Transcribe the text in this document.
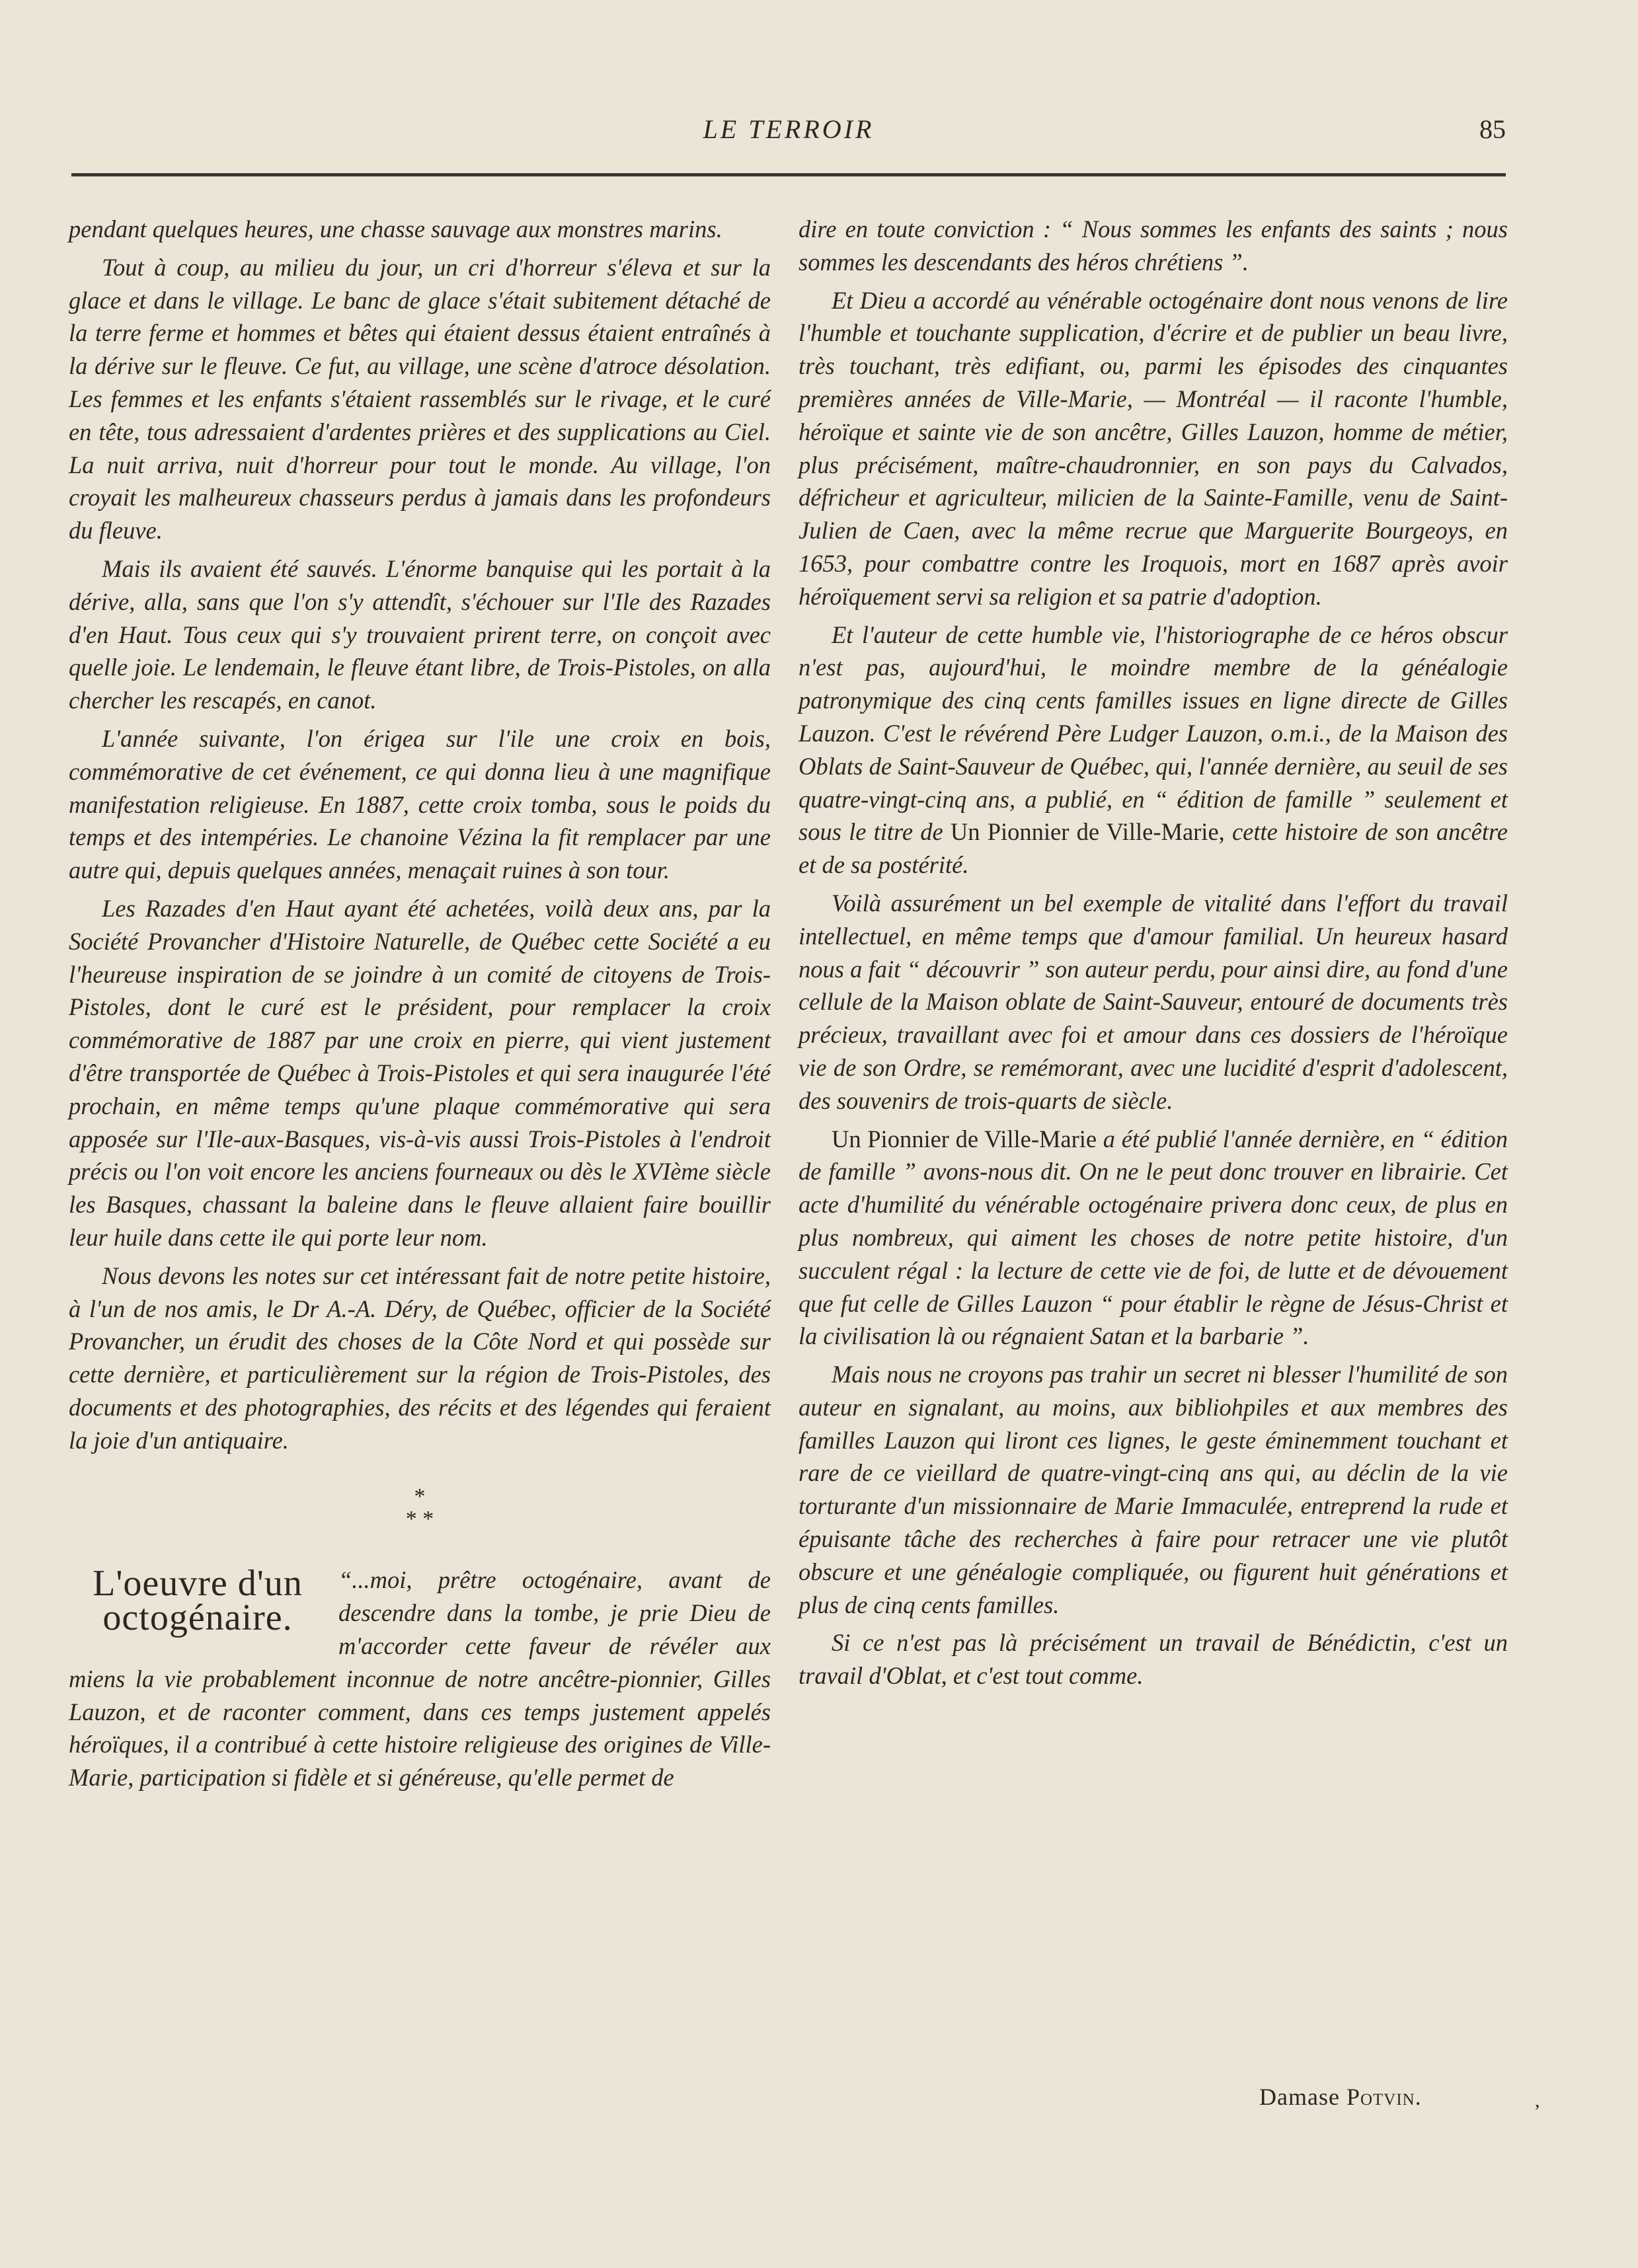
LE TERROIR	85

pendant quelques heures, une chasse sauvage aux monstres marins.

Tout à coup, au milieu du jour, un cri d'horreur s'éleva et sur la glace et dans le village. Le banc de glace s'était subitement détaché de la terre ferme et hommes et bêtes qui étaient dessus étaient entraînés à la dérive sur le fleuve. Ce fut, au village, une scène d'atroce désolation. Les femmes et les enfants s'étaient rassemblés sur le rivage, et le curé en tête, tous adressaient d'ardentes prières et des supplications au Ciel. La nuit arriva, nuit d'horreur pour tout le monde. Au village, l'on croyait les malheureux chasseurs perdus à jamais dans les profondeurs du fleuve.

Mais ils avaient été sauvés. L'énorme banquise qui les portait à la dérive, alla, sans que l'on s'y attendît, s'échouer sur l'Ile des Razades d'en Haut. Tous ceux qui s'y trouvaient prirent terre, on conçoit avec quelle joie. Le lendemain, le fleuve étant libre, de Trois-Pistoles, on alla chercher les rescapés, en canot.

L'année suivante, l'on érigea sur l'ile une croix en bois, commémorative de cet événement, ce qui donna lieu à une magnifique manifestation religieuse. En 1887, cette croix tomba, sous le poids du temps et des intempéries. Le chanoine Vézina la fit remplacer par une autre qui, depuis quelques années, menaçait ruines à son tour.

Les Razades d'en Haut ayant été achetées, voilà deux ans, par la Société Provancher d'Histoire Naturelle, de Québec cette Société a eu l'heureuse inspiration de se joindre à un comité de citoyens de Trois-Pistoles, dont le curé est le président, pour remplacer la croix commémorative de 1887 par une croix en pierre, qui vient justement d'être transportée de Québec à Trois-Pistoles et qui sera inaugurée l'été prochain, en même temps qu'une plaque commémorative qui sera apposée sur l'Ile-aux-Basques, vis-à-vis aussi Trois-Pistoles à l'endroit précis ou l'on voit encore les anciens fourneaux ou dès le XVIème siècle les Basques, chassant la baleine dans le fleuve allaient faire bouillir leur huile dans cette ile qui porte leur nom.

Nous devons les notes sur cet intéressant fait de notre petite histoire, à l'un de nos amis, le Dr A.-A. Déry, de Québec, officier de la Société Provancher, un érudit des choses de la Côte Nord et qui possède sur cette dernière, et particulièrement sur la région de Trois-Pistoles, des documents et des photographies, des récits et des légendes qui feraient la joie d'un antiquaire.

*
* *
L'oeuvre d'un
octogénaire.

“...moi, prêtre octogénaire, avant de descendre dans la tombe, je prie Dieu de m'accorder cette faveur de révéler aux miens la vie probablement inconnue de notre ancêtre-pionnier, Gilles Lauzon, et de raconter comment, dans ces temps justement appelés héroïques, il a contribué à cette histoire religieuse des origines de Ville-Marie, participation si fidèle et si généreuse, qu'elle permet de

dire en toute conviction : “ Nous sommes les enfants des saints ; nous sommes les descendants des héros chrétiens ”.

Et Dieu a accordé au vénérable octogénaire dont nous venons de lire l'humble et touchante supplication, d'écrire et de publier un beau livre, très touchant, très edifiant, ou, parmi les épisodes des cinquantes premières années de Ville-Marie, — Montréal — il raconte l'humble, héroïque et sainte vie de son ancêtre, Gilles Lauzon, homme de métier, plus précisément, maître-chaudronnier, en son pays du Calvados, défricheur et agriculteur, milicien de la Sainte-Famille, venu de Saint-Julien de Caen, avec la même recrue que Marguerite Bourgeoys, en 1653, pour combattre contre les Iroquois, mort en 1687 après avoir héroïquement servi sa religion et sa patrie d'adoption.

Et l'auteur de cette humble vie, l'historiographe de ce héros obscur n'est pas, aujourd'hui, le moindre membre de la généalogie patronymique des cinq cents familles issues en ligne directe de Gilles Lauzon. C'est le révérend Père Ludger Lauzon, o.m.i., de la Maison des Oblats de Saint-Sauveur de Québec, qui, l'année dernière, au seuil de ses quatre-vingt-cinq ans, a publié, en “ édition de famille ” seulement et sous le titre de Un Pionnier de Ville-Marie, cette histoire de son ancêtre et de sa postérité.

Voilà assurément un bel exemple de vitalité dans l'effort du travail intellectuel, en même temps que d'amour familial. Un heureux hasard nous a fait “ découvrir ” son auteur perdu, pour ainsi dire, au fond d'une cellule de la Maison oblate de Saint-Sauveur, entouré de documents très précieux, travaillant avec foi et amour dans ces dossiers de l'héroïque vie de son Ordre, se remémorant, avec une lucidité d'esprit d'adolescent, des souvenirs de trois-quarts de siècle.

Un Pionnier de Ville-Marie a été publié l'année dernière, en “ édition de famille ” avons-nous dit. On ne le peut donc trouver en librairie. Cet acte d'humilité du vénérable octogénaire privera donc ceux, de plus en plus nombreux, qui aiment les choses de notre petite histoire, d'un succulent régal : la lecture de cette vie de foi, de lutte et de dévouement que fut celle de Gilles Lauzon “ pour établir le règne de Jésus-Christ et la civilisation là ou régnaient Satan et la barbarie ”.

Mais nous ne croyons pas trahir un secret ni blesser l'humilité de son auteur en signalant, au moins, aux bibliohpiles et aux membres des familles Lauzon qui liront ces lignes, le geste éminemment touchant et rare de ce vieillard de quatre-vingt-cinq ans qui, au déclin de la vie torturante d'un missionnaire de Marie Immaculée, entreprend la rude et épuisante tâche des recherches à faire pour retracer une vie plutôt obscure et une généalogie compliquée, ou figurent huit générations et plus de cinq cents familles.

Si ce n'est pas là précisément un travail de Bénédictin, c'est un travail d'Oblat, et c'est tout comme.

Damase Potvin.	,
